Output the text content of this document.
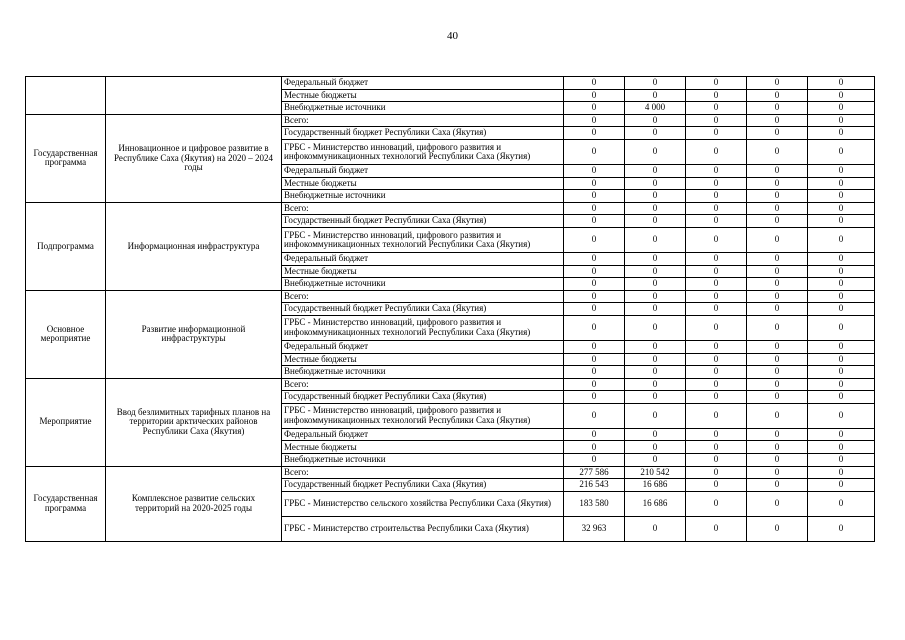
40
		Федеральный бюджет	0	0	0	0	0
		Местные бюджеты	0	0	0	0	0
		Внебюджетные источники	0	4 000	0	0	0
Государственная программа	Инновационное и цифровое развитие в Республике Саха (Якутия) на 2020 – 2024 годы	Всего:	0	0	0	0	0
		Государственный бюджет Республики Саха (Якутия)	0	0	0	0	0
		ГРБС - Министерство инноваций, цифрового развития и инфокоммуникационных технологий Республики Саха (Якутия)	0	0	0	0	0
		Федеральный бюджет	0	0	0	0	0
		Местные бюджеты	0	0	0	0	0
		Внебюджетные источники	0	0	0	0	0
Подпрограмма	Информационная инфраструктура	Всего:	0	0	0	0	0
		Государственный бюджет Республики Саха (Якутия)	0	0	0	0	0
		ГРБС - Министерство инноваций, цифрового развития и инфокоммуникационных технологий Республики Саха (Якутия)	0	0	0	0	0
		Федеральный бюджет	0	0	0	0	0
		Местные бюджеты	0	0	0	0	0
		Внебюджетные источники	0	0	0	0	0
Основное мероприятие	Развитие информационной инфраструктуры	Всего:	0	0	0	0	0
		Государственный бюджет Республики Саха (Якутия)	0	0	0	0	0
		ГРБС - Министерство инноваций, цифрового развития и инфокоммуникационных технологий Республики Саха (Якутия)	0	0	0	0	0
		Федеральный бюджет	0	0	0	0	0
		Местные бюджеты	0	0	0	0	0
		Внебюджетные источники	0	0	0	0	0
Мероприятие	Ввод безлимитных тарифных планов на территории арктических районов Республики Саха (Якутия)	Всего:	0	0	0	0	0
		Государственный бюджет Республики Саха (Якутия)	0	0	0	0	0
		ГРБС - Министерство инноваций, цифрового развития и инфокоммуникационных технологий Республики Саха (Якутия)	0	0	0	0	0
		Федеральный бюджет	0	0	0	0	0
		Местные бюджеты	0	0	0	0	0
		Внебюджетные источники	0	0	0	0	0
Государственная программа	Комплексное развитие сельских территорий на 2020-2025 годы	Всего:	277 586	210 542	0	0	0
		Государственный бюджет Республики Саха (Якутия)	216 543	16 686	0	0	0
		ГРБС - Министерство сельского хозяйства Республики Саха (Якутия)	183 580	16 686	0	0	0
		ГРБС - Министерство строительства Республики Саха (Якутия)	32 963	0	0	0	0
